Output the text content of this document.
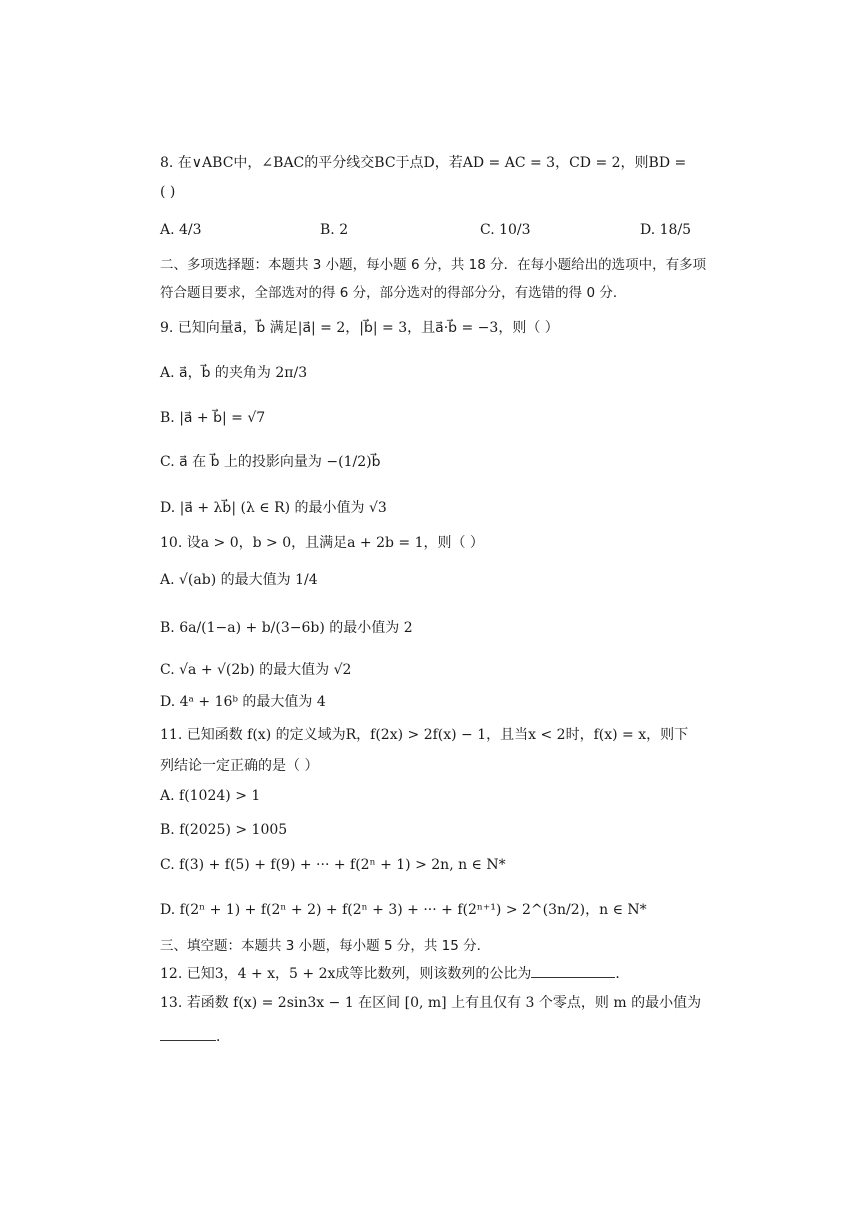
8. 在∨ABC中，∠BAC的平分线交BC于点D，若AD = AC = 3，CD = 2，则BD =
( )
A. 4/3	B. 2	C. 10/3	D. 18/5
二、多项选择题：本题共 3 小题，每小题 6 分，共 18 分．在每小题给出的选项中，有多项
符合题目要求，全部选对的得 6 分，部分选对的得部分分，有选错的得 0 分．
9. 已知向量a⃗，b⃗ 满足|a⃗| = 2，|b⃗| = 3，且a⃗·b⃗ = −3，则（ ）
A. a⃗，b⃗ 的夹角为 2π/3
B. |a⃗ + b⃗| = √7
C. a⃗ 在 b⃗ 上的投影向量为 −(1/2)b⃗
D. |a⃗ + λb⃗| (λ ∈ R) 的最小值为 √3
10. 设a > 0，b > 0，且满足a + 2b = 1，则（ ）
A. √(ab) 的最大值为 1/4
B. 6a/(1−a) + b/(3−6b) 的最小值为 2
C. √a + √(2b) 的最大值为 √2
D. 4ᵃ + 16ᵇ 的最大值为 4
11. 已知函数 f(x) 的定义域为R，f(2x) > 2f(x) − 1，且当x < 2时，f(x) = x，则下
列结论一定正确的是（ ）
A. f(1024) > 1
B. f(2025) > 1005
C. f(3) + f(5) + f(9) + ··· + f(2ⁿ + 1) > 2n, n ∈ N*
D. f(2ⁿ + 1) + f(2ⁿ + 2) + f(2ⁿ + 3) + ··· + f(2ⁿ⁺¹) > 2^(3n/2)，n ∈ N*
三、填空题：本题共 3 小题，每小题 5 分，共 15 分．
12. 已知3，4 + x，5 + 2x成等比数列，则该数列的公比为	．
13. 若函数 f(x) = 2sin3x − 1 在区间 [0, m] 上有且仅有 3 个零点，则 m 的最小值为
．
